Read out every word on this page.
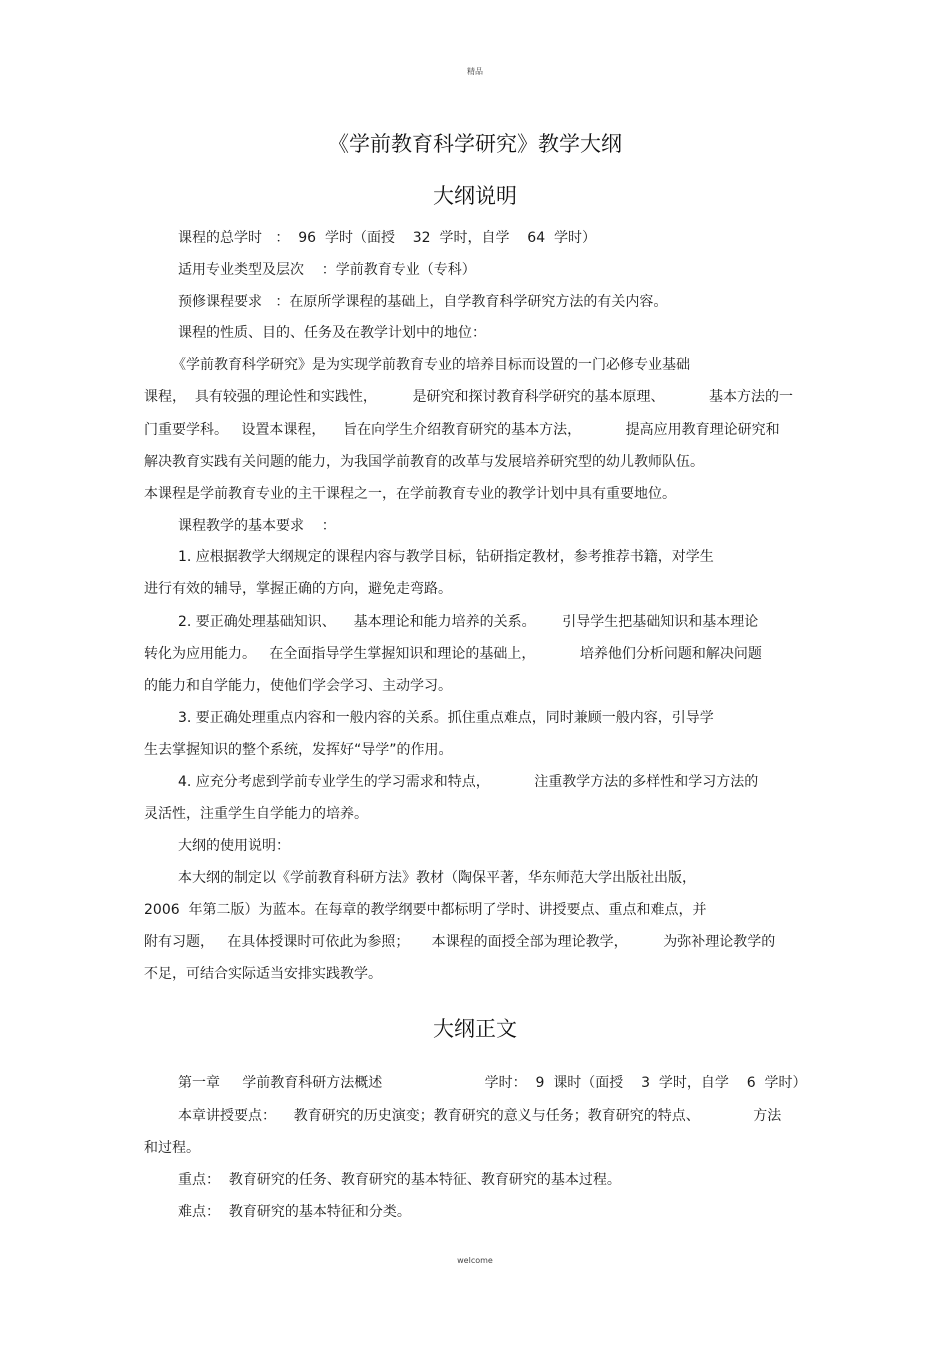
精品
《学前教育科学研究》教学大纲
大纲说明
课程的总学时   ：  96  学时（面授    32  学时，自学    64  学时）
适用专业类型及层次    ：学前教育专业（专科）
预修课程要求   ：在原所学课程的基础上，自学教育科学研究方法的有关内容。
课程的性质、目的、任务及在教学计划中的地位：
《学前教育科学研究》是为实现学前教育专业的培养目标而设置的一门必修专业基础
课程，  具有较强的理论性和实践性，        是研究和探讨教育科学研究的基本原理、          基本方法的一
门重要学科。   设置本课程，    旨在向学生介绍教育研究的基本方法，          提高应用教育理论研究和
解决教育实践有关问题的能力，为我国学前教育的改革与发展培养研究型的幼儿教师队伍。
本课程是学前教育专业的主干课程之一，在学前教育专业的教学计划中具有重要地位。
课程教学的基本要求    ：
1. 应根据教学大纲规定的课程内容与教学目标，钻研指定教材，参考推荐书籍，对学生
进行有效的辅导，掌握正确的方向，避免走弯路。
2. 要正确处理基础知识、    基本理论和能力培养的关系。      引导学生把基础知识和基本理论
转化为应用能力。   在全面指导学生掌握知识和理论的基础上，          培养他们分析问题和解决问题
的能力和自学能力，使他们学会学习、主动学习。
3. 要正确处理重点内容和一般内容的关系。抓住重点难点，同时兼顾一般内容，引导学
生去掌握知识的整个系统，发挥好“导学”的作用。
4. 应充分考虑到学前专业学生的学习需求和特点，          注重教学方法的多样性和学习方法的
灵活性，注重学生自学能力的培养。
大纲的使用说明：
本大纲的制定以《学前教育科研方法》教材（陶保平著，华东师范大学出版社出版，
2006  年第二版）为蓝本。在每章的教学纲要中都标明了学时、讲授要点、重点和难点，并
附有习题，   在具体授课时可依此为参照；     本课程的面授全部为理论教学，        为弥补理论教学的
不足，可结合实际适当安排实践教学。
大纲正文
第一章     学前教育科研方法概述                       学时：  9  课时（面授    3  学时，自学    6  学时）
本章讲授要点：    教育研究的历史演变；教育研究的意义与任务；教育研究的特点、            方法
和过程。
重点：  教育研究的任务、教育研究的基本特征、教育研究的基本过程。
难点：  教育研究的基本特征和分类。
welcome
